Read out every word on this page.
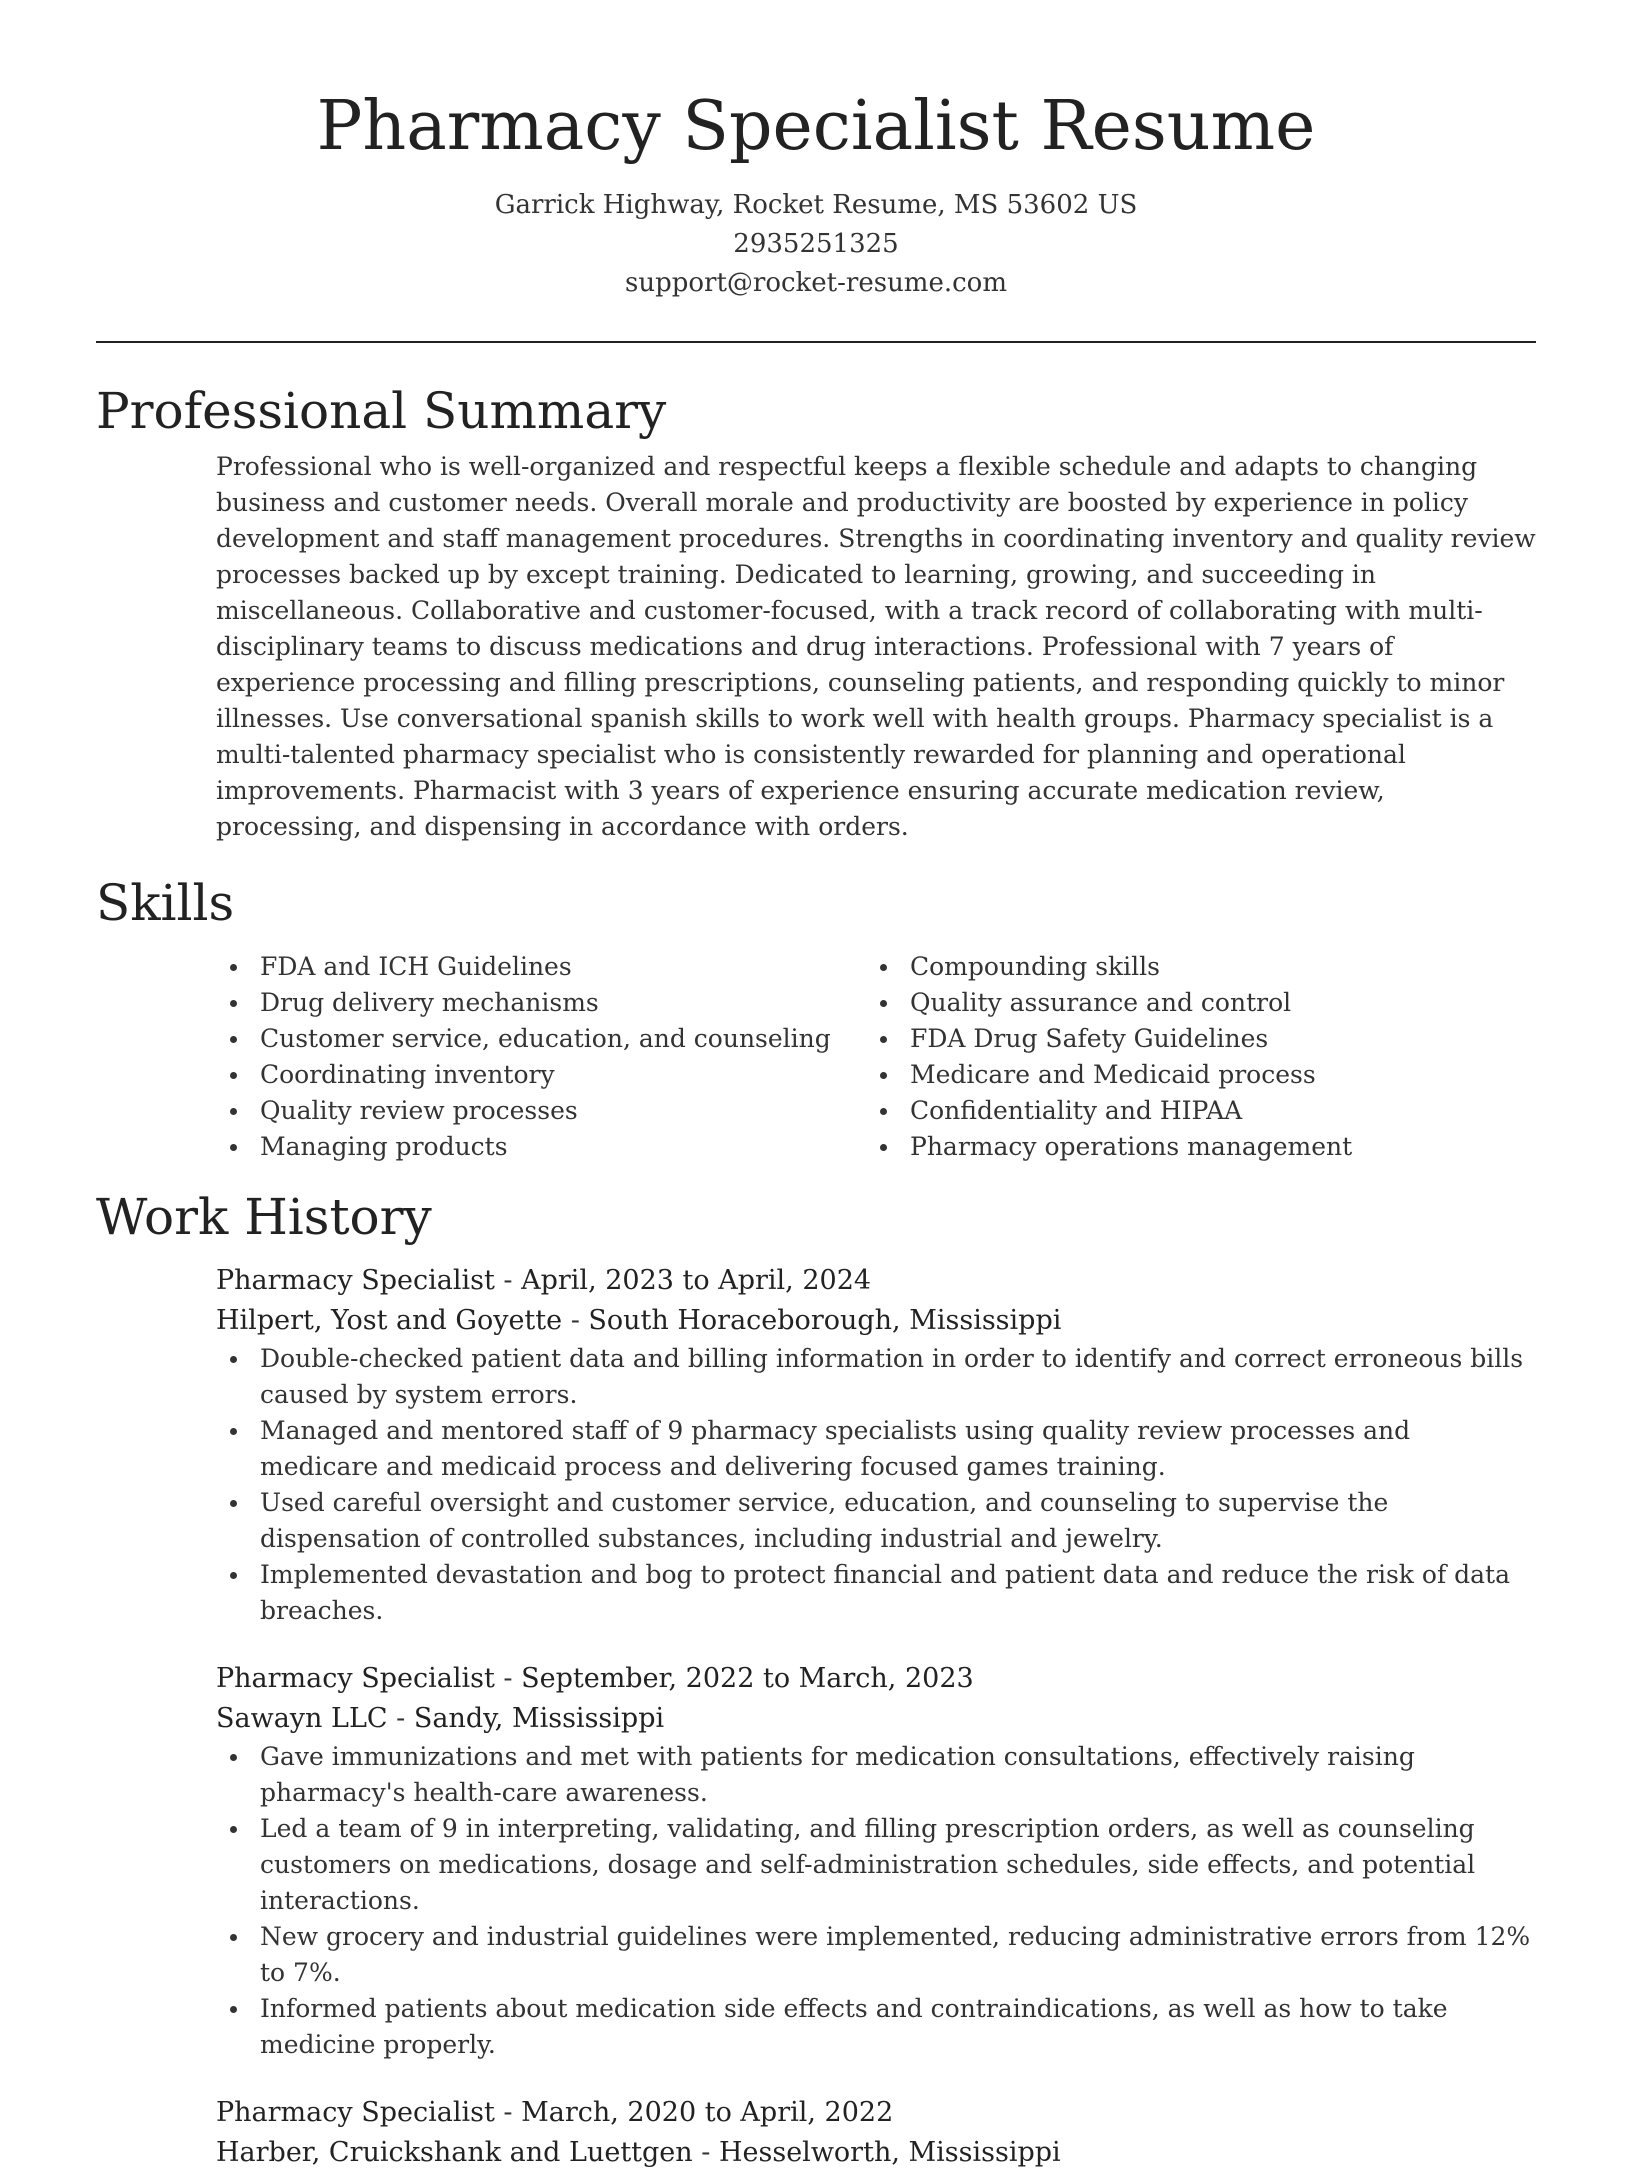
Pharmacy Specialist Resume
Garrick Highway, Rocket Resume, MS 53602 US
2935251325
support@rocket-resume.com
Professional Summary
Professional who is well-organized and respectful keeps a flexible schedule and adapts to changing business and customer needs. Overall morale and productivity are boosted by experience in policy development and staff management procedures. Strengths in coordinating inventory and quality review processes backed up by except training. Dedicated to learning, growing, and succeeding in miscellaneous. Collaborative and customer-focused, with a track record of collaborating with multi-disciplinary teams to discuss medications and drug interactions. Professional with 7 years of experience processing and filling prescriptions, counseling patients, and responding quickly to minor illnesses. Use conversational spanish skills to work well with health groups. Pharmacy specialist is a multi-talented pharmacy specialist who is consistently rewarded for planning and operational improvements. Pharmacist with 3 years of experience ensuring accurate medication review, processing, and dispensing in accordance with orders.
Skills
FDA and ICH Guidelines
Drug delivery mechanisms
Customer service, education, and counseling
Coordinating inventory
Quality review processes
Managing products
Compounding skills
Quality assurance and control
FDA Drug Safety Guidelines
Medicare and Medicaid process
Confidentiality and HIPAA
Pharmacy operations management
Work History
Pharmacy Specialist - April, 2023 to April, 2024
Hilpert, Yost and Goyette - South Horaceborough, Mississippi
Double-checked patient data and billing information in order to identify and correct erroneous bills caused by system errors.
Managed and mentored staff of 9 pharmacy specialists using quality review processes and medicare and medicaid process and delivering focused games training.
Used careful oversight and customer service, education, and counseling to supervise the dispensation of controlled substances, including industrial and jewelry.
Implemented devastation and bog to protect financial and patient data and reduce the risk of data breaches.
Pharmacy Specialist - September, 2022 to March, 2023
Sawayn LLC - Sandy, Mississippi
Gave immunizations and met with patients for medication consultations, effectively raising pharmacy's health-care awareness.
Led a team of 9 in interpreting, validating, and filling prescription orders, as well as counseling customers on medications, dosage and self-administration schedules, side effects, and potential interactions.
New grocery and industrial guidelines were implemented, reducing administrative errors from 12% to 7%.
Informed patients about medication side effects and contraindications, as well as how to take medicine properly.
Pharmacy Specialist - March, 2020 to April, 2022
Harber, Cruickshank and Luettgen - Hesselworth, Mississippi
